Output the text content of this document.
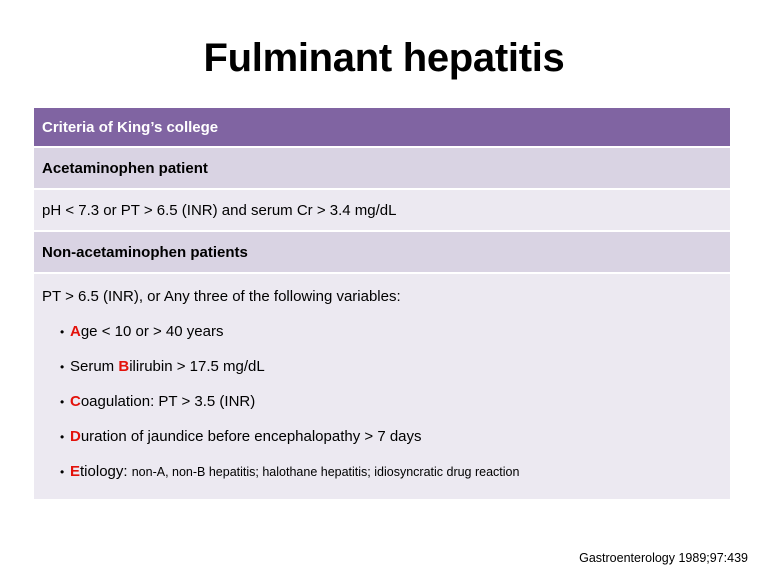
Fulminant hepatitis
Criteria of King’s college
Acetaminophen patient
pH < 7.3 or PT > 6.5 (INR) and serum Cr > 3.4 mg/dL
Non-acetaminophen patients
PT > 6.5 (INR), or Any three of the following variables:
• Age < 10 or > 40 years
• Serum Bilirubin > 17.5 mg/dL
• Coagulation: PT > 3.5 (INR)
• Duration of jaundice before encephalopathy > 7 days
• Etiology: non-A, non-B hepatitis; halothane hepatitis; idiosyncratic drug reaction
Gastroenterology 1989;97:439
